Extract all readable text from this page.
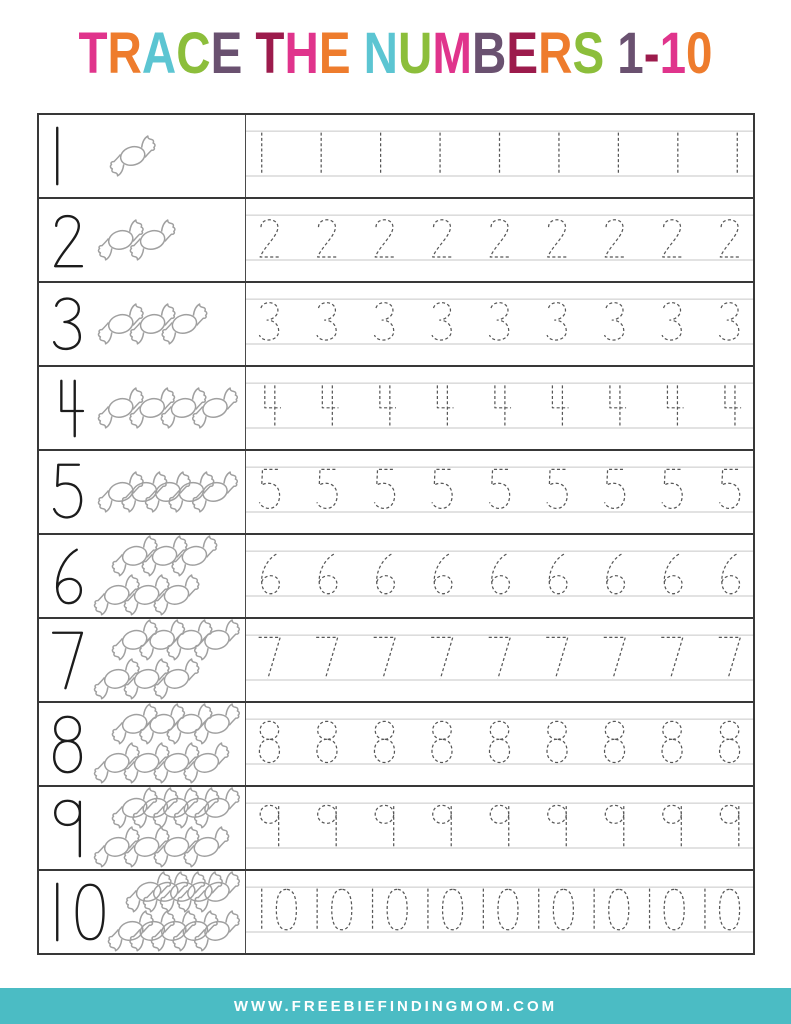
T R A C E T H E N U M B E R S 1 - 1 0
WWW.FREEBIEFINDINGMOM.COM
